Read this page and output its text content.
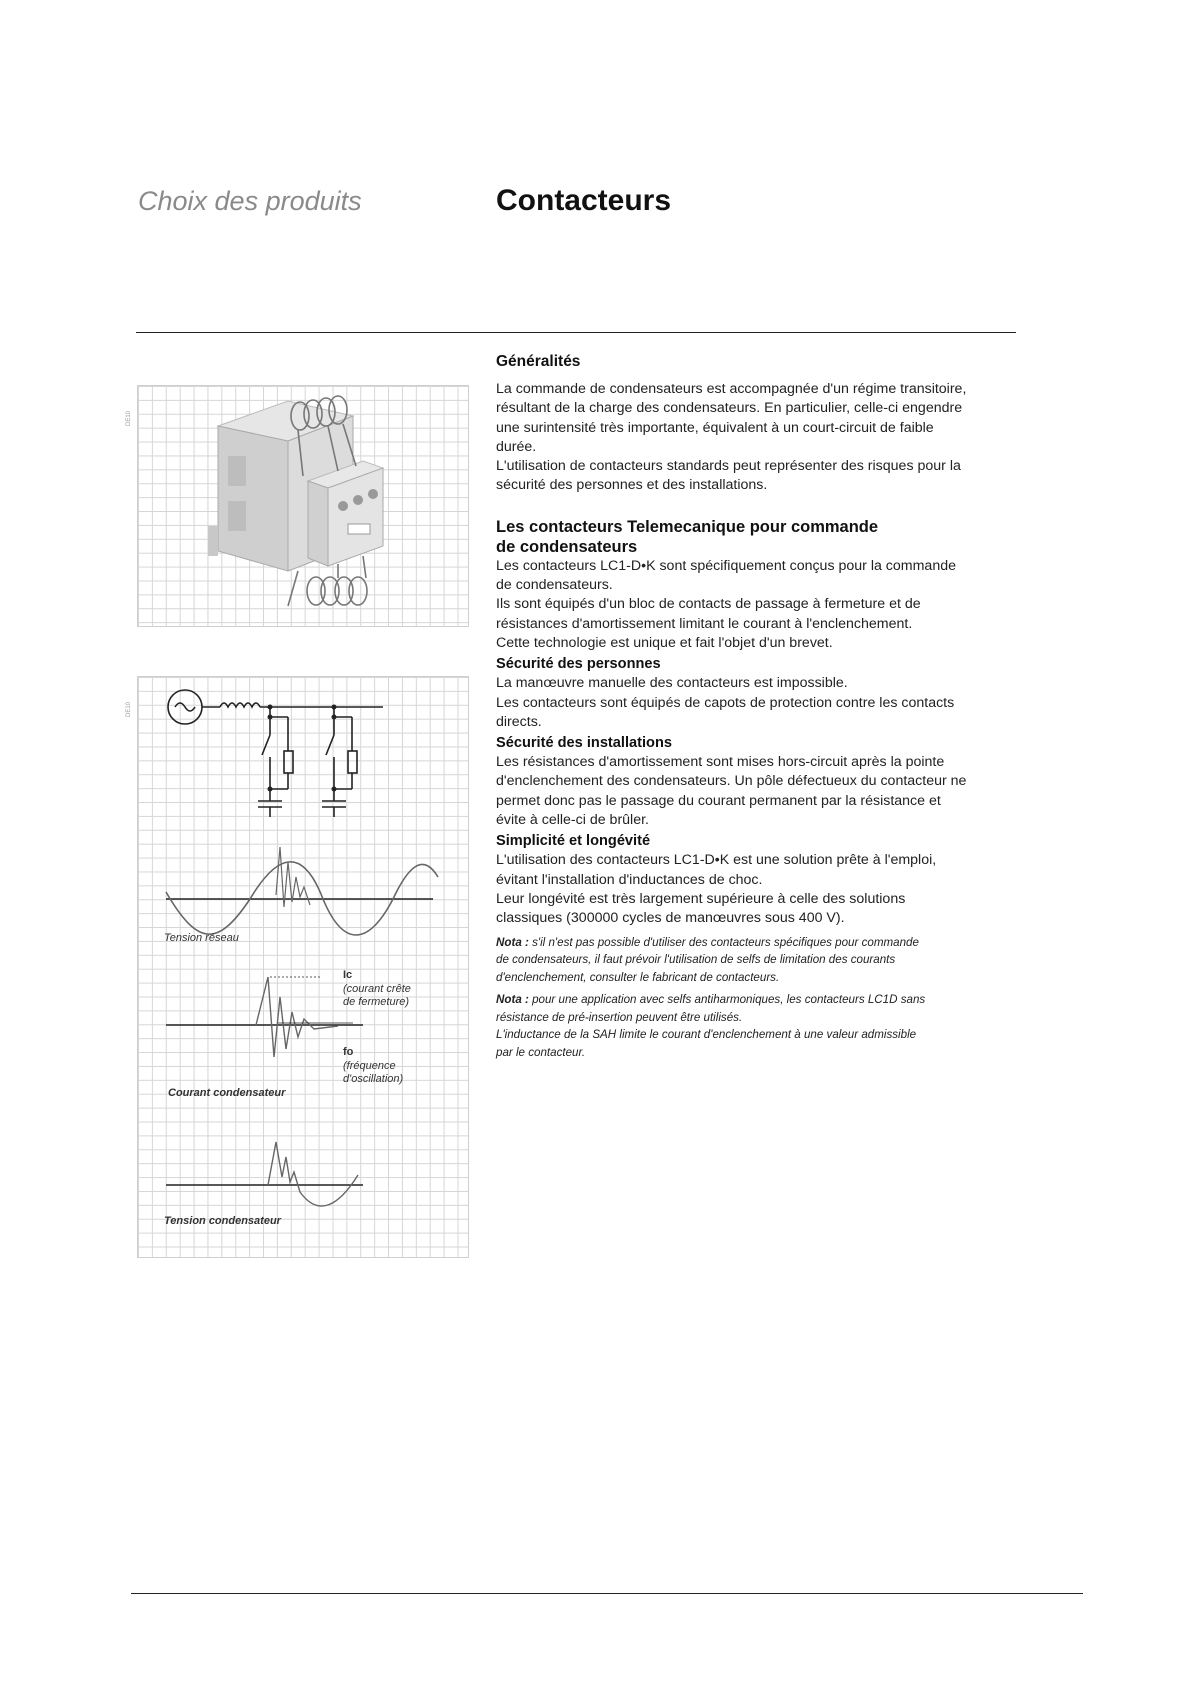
Choix des produits	Contacteurs
DE10
DE10
Tension réseau
Ic
(courant crête
de fermeture)
fo
(fréquence
d'oscillation)
Courant condensateur
Tension condensateur
Généralités

La commande de condensateurs est accompagnée d'un régime transitoire,

résultant de la charge des condensateurs. En particulier, celle-ci engendre

une surintensité très importante, équivalent à un court-circuit de faible

durée.

L'utilisation de contacteurs standards peut représenter des risques pour la

sécurité des personnes et des installations.

Les contacteurs Telemecanique pour commande
de condensateurs

Les contacteurs LC1-D•K sont spécifiquement conçus pour la commande

de condensateurs.

Ils sont équipés d'un bloc de contacts de passage à fermeture et de

résistances d'amortissement limitant le courant à l'enclenchement.

Cette technologie est unique et fait l'objet d'un brevet.

Sécurité des personnes

La manœuvre manuelle des contacteurs est impossible.

Les contacteurs sont équipés de capots de protection contre les contacts

directs.

Sécurité des installations

Les résistances d'amortissement sont mises hors-circuit après la pointe

d'enclenchement des condensateurs. Un pôle défectueux du contacteur ne

permet donc pas le passage du courant permanent par la résistance et

évite à celle-ci de brûler.

Simplicité et longévité

L'utilisation des contacteurs LC1-D•K est une solution prête à l'emploi,

évitant l'installation d'inductances de choc.

Leur longévité est très largement supérieure à celle des solutions

classiques (300000 cycles de manœuvres sous 400 V).

Nota : s'il n'est pas possible d'utiliser des contacteurs spécifiques pour commande

de condensateurs, il faut prévoir l'utilisation de selfs de limitation des courants

d'enclenchement, consulter le fabricant de contacteurs.

Nota : pour une application avec selfs antiharmoniques, les contacteurs LC1D sans

résistance de pré-insertion peuvent être utilisés.

L'inductance de la SAH limite le courant d'enclenchement à une valeur admissible

par le contacteur.
